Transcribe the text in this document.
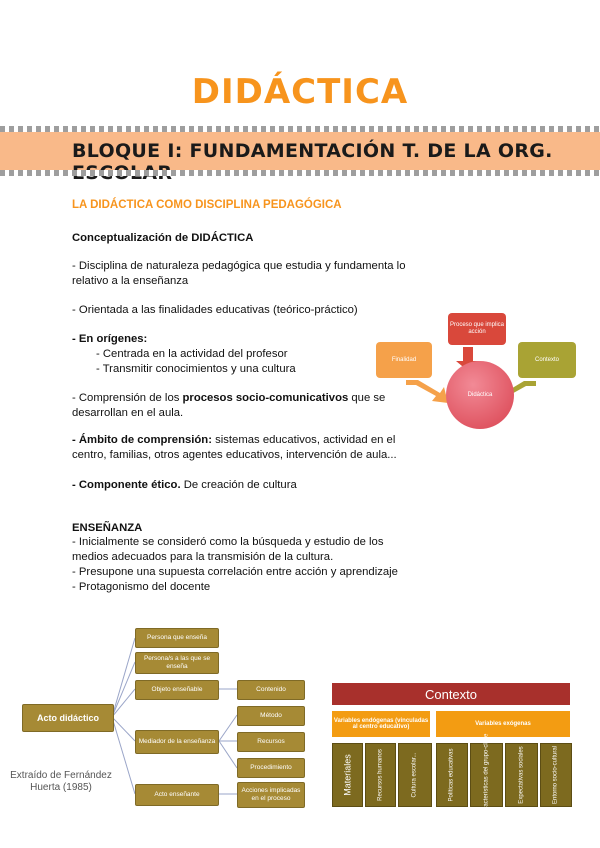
DIDÁCTICA
BLOQUE I: FUNDAMENTACIÓN T. DE LA ORG.
LA DIDÁCTICA COMO DISCIPLINA PEDAGÓGICA
Conceptualización de DIDÁCTICA
- Disciplina de naturaleza pedagógica que estudia y fundamenta lo
relativo a la enseñanza
- Orientada a las finalidades educativas (teórico-práctico)
- En orígenes:
- Centrada en la actividad del profesor
- Transmitir conocimientos y una cultura
- Comprensión de los procesos socio-comunicativos que se
desarrollan en el aula.
- Ámbito de comprensión: sistemas educativos, actividad en el
centro, familias, otros agentes educativos, intervención de aula...
- Componente ético. De creación de cultura
ENSEÑANZA
- Inicialmente se consideró como la búsqueda y estudio de los
medios adecuados para la transmisión de la cultura.
- Presupone una supuesta correlación entre acción y aprendizaje
- Protagonismo del docente
Proceso que implica acción
Finalidad	Contexto
Didáctica
Acto didáctico
Persona que enseña
Persona/s a las que se enseña
Objeto enseñable	Contenido
Mediador de la enseñanza
Método
Recursos
Procedimiento
Acto enseñante
Acciones implicadas en el proceso
Extraído de Fernández
Huerta (1985)
Contexto
Variables endógenas (vinculadas al centro educativo)	Variables exógenas
Materiales	Recursos humanos	Cultura escolar...	Políticas educativas	Características del grupo-clase	Expectativas sociales	Entorno socio-cultural
